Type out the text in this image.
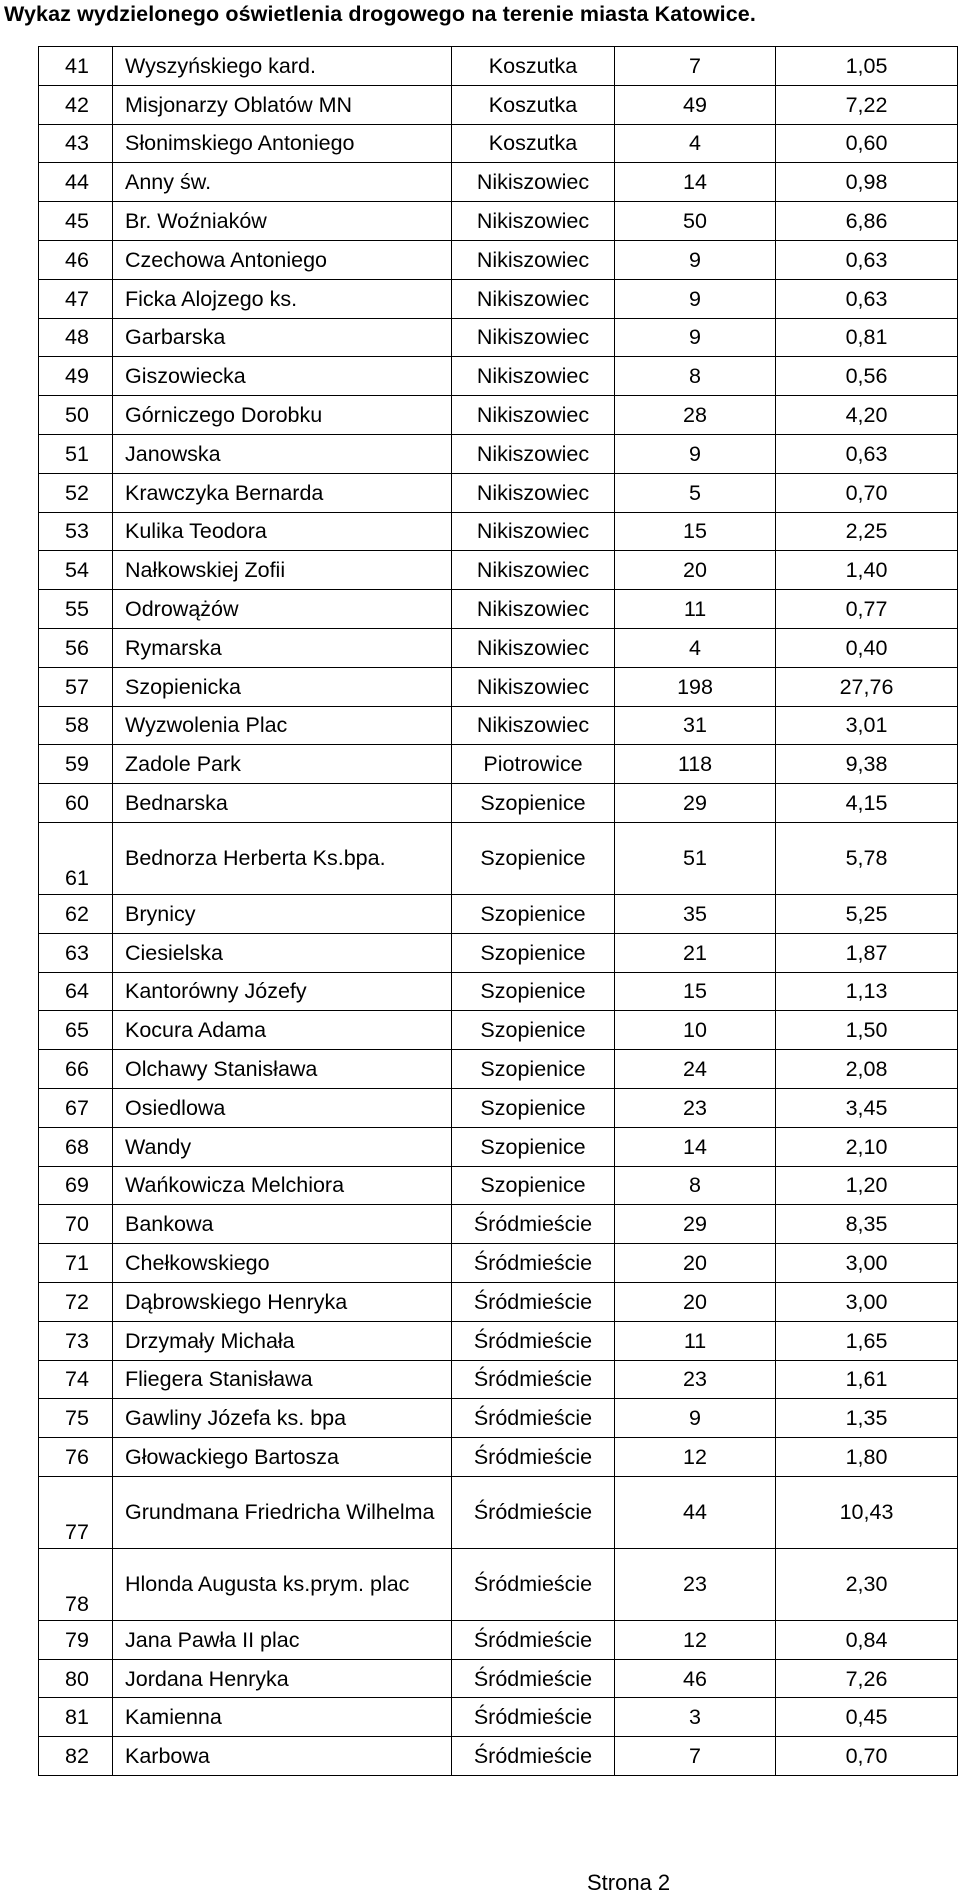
Wykaz wydzielonego oświetlenia drogowego na terenie miasta Katowice.
41	Wyszyńskiego kard.	Koszutka	7	1,05
42	Misjonarzy Oblatów MN	Koszutka	49	7,22
43	Słonimskiego Antoniego	Koszutka	4	0,60
44	Anny św.	Nikiszowiec	14	0,98
45	Br. Woźniaków	Nikiszowiec	50	6,86
46	Czechowa Antoniego	Nikiszowiec	9	0,63
47	Ficka Alojzego ks.	Nikiszowiec	9	0,63
48	Garbarska	Nikiszowiec	9	0,81
49	Giszowiecka	Nikiszowiec	8	0,56
50	Górniczego Dorobku	Nikiszowiec	28	4,20
51	Janowska	Nikiszowiec	9	0,63
52	Krawczyka Bernarda	Nikiszowiec	5	0,70
53	Kulika Teodora	Nikiszowiec	15	2,25
54	Nałkowskiej Zofii	Nikiszowiec	20	1,40
55	Odrowążów	Nikiszowiec	11	0,77
56	Rymarska	Nikiszowiec	4	0,40
57	Szopienicka	Nikiszowiec	198	27,76
58	Wyzwolenia Plac	Nikiszowiec	31	3,01
59	Zadole Park	Piotrowice	118	9,38
60	Bednarska	Szopienice	29	4,15
61	Bednorza Herberta Ks.bpa.	Szopienice	51	5,78
62	Brynicy	Szopienice	35	5,25
63	Ciesielska	Szopienice	21	1,87
64	Kantorówny Józefy	Szopienice	15	1,13
65	Kocura Adama	Szopienice	10	1,50
66	Olchawy Stanisława	Szopienice	24	2,08
67	Osiedlowa	Szopienice	23	3,45
68	Wandy	Szopienice	14	2,10
69	Wańkowicza Melchiora	Szopienice	8	1,20
70	Bankowa	Śródmieście	29	8,35
71	Chełkowskiego	Śródmieście	20	3,00
72	Dąbrowskiego Henryka	Śródmieście	20	3,00
73	Drzymały Michała	Śródmieście	11	1,65
74	Fliegera Stanisława	Śródmieście	23	1,61
75	Gawliny Józefa ks. bpa	Śródmieście	9	1,35
76	Głowackiego Bartosza	Śródmieście	12	1,80
77	Grundmana Friedricha Wilhelma	Śródmieście	44	10,43
78	Hlonda Augusta ks.prym. plac	Śródmieście	23	2,30
79	Jana Pawła II plac	Śródmieście	12	0,84
80	Jordana Henryka	Śródmieście	46	7,26
81	Kamienna	Śródmieście	3	0,45
82	Karbowa	Śródmieście	7	0,70
Strona 2
